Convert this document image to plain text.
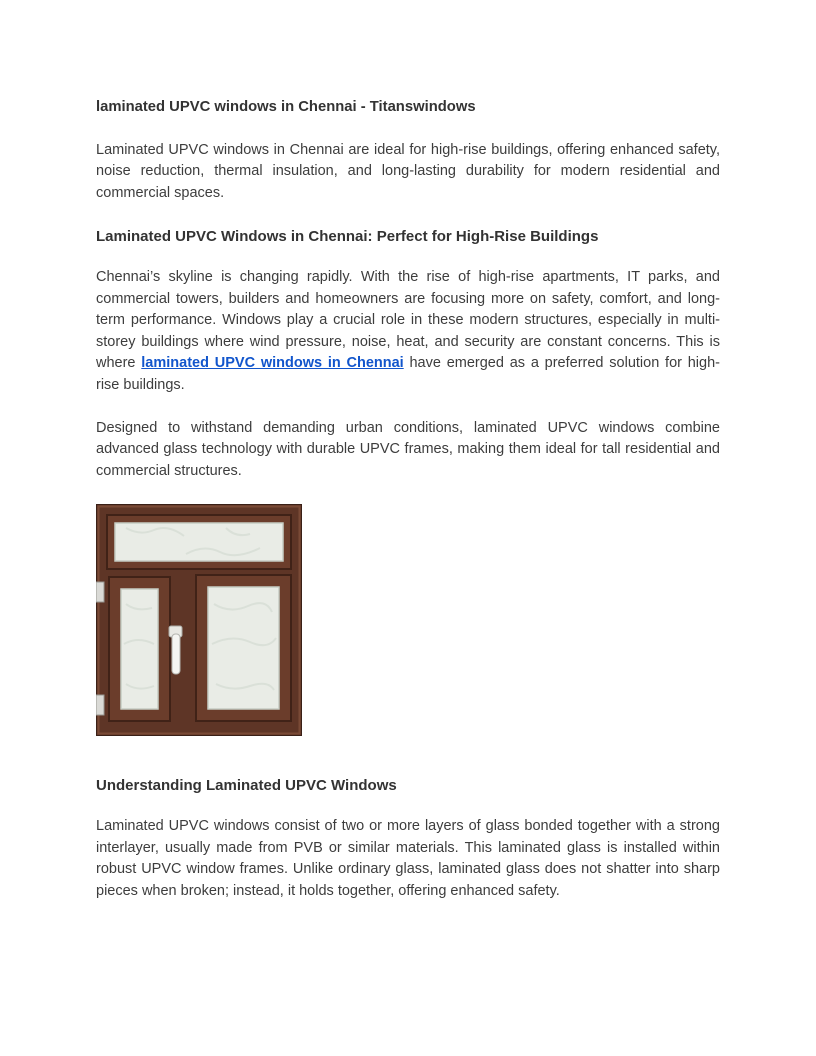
laminated UPVC windows in Chennai - Titanswindows

Laminated UPVC windows in Chennai are ideal for high-rise buildings, offering enhanced safety, noise reduction, thermal insulation, and long-lasting durability for modern residential and commercial spaces.

Laminated UPVC Windows in Chennai: Perfect for High-Rise Buildings

Chennai’s skyline is changing rapidly. With the rise of high-rise apartments, IT parks, and commercial towers, builders and homeowners are focusing more on safety, comfort, and long-term performance. Windows play a crucial role in these modern structures, especially in multi-storey buildings where wind pressure, noise, heat, and security are constant concerns. This is where laminated UPVC windows in Chennai have emerged as a preferred solution for high-rise buildings.

Designed to withstand demanding urban conditions, laminated UPVC windows combine advanced glass technology with durable UPVC frames, making them ideal for tall residential and commercial structures.

Understanding Laminated UPVC Windows

Laminated UPVC windows consist of two or more layers of glass bonded together with a strong interlayer, usually made from PVB or similar materials. This laminated glass is installed within robust UPVC window frames. Unlike ordinary glass, laminated glass does not shatter into sharp pieces when broken; instead, it holds together, offering enhanced safety.
